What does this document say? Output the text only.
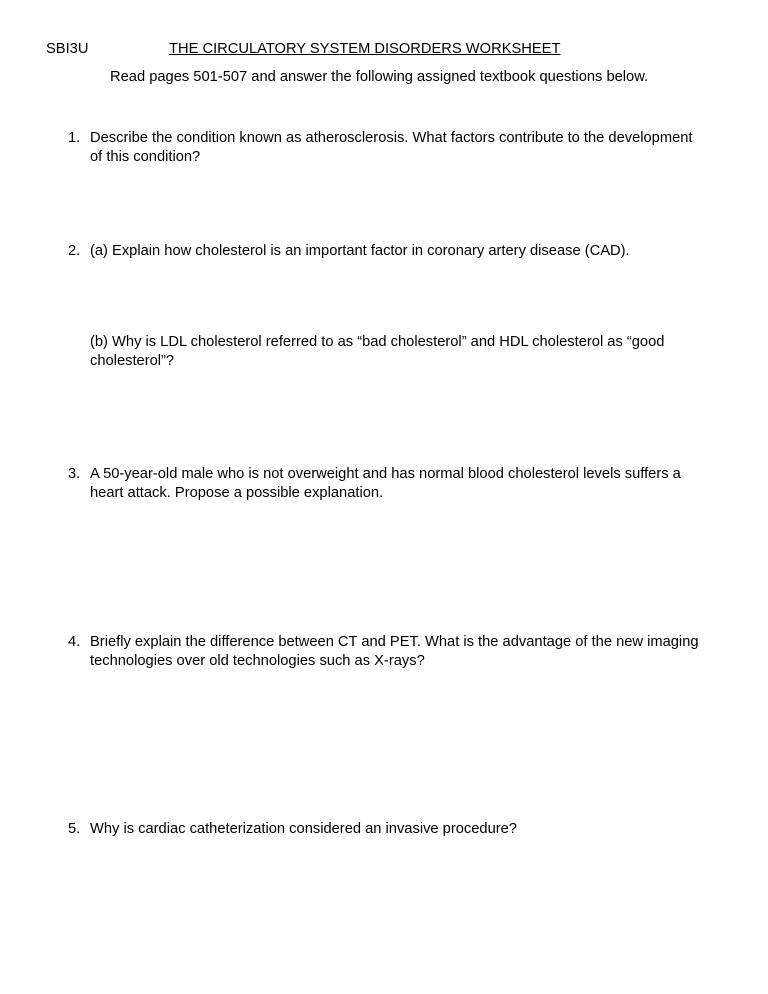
SBI3U	THE CIRCULATORY SYSTEM DISORDERS WORKSHEET
Read pages 501-507 and answer the following assigned textbook questions below.
1. Describe the condition known as atherosclerosis. What factors contribute to the development
of this condition?
2. (a) Explain how cholesterol is an important factor in coronary artery disease (CAD).
(b) Why is LDL cholesterol referred to as “bad cholesterol” and HDL cholesterol as “good
cholesterol”?
3. A 50-year-old male who is not overweight and has normal blood cholesterol levels suffers a
heart attack. Propose a possible explanation.
4. Briefly explain the difference between CT and PET. What is the advantage of the new imaging
technologies over old technologies such as X-rays?
5. Why is cardiac catheterization considered an invasive procedure?
